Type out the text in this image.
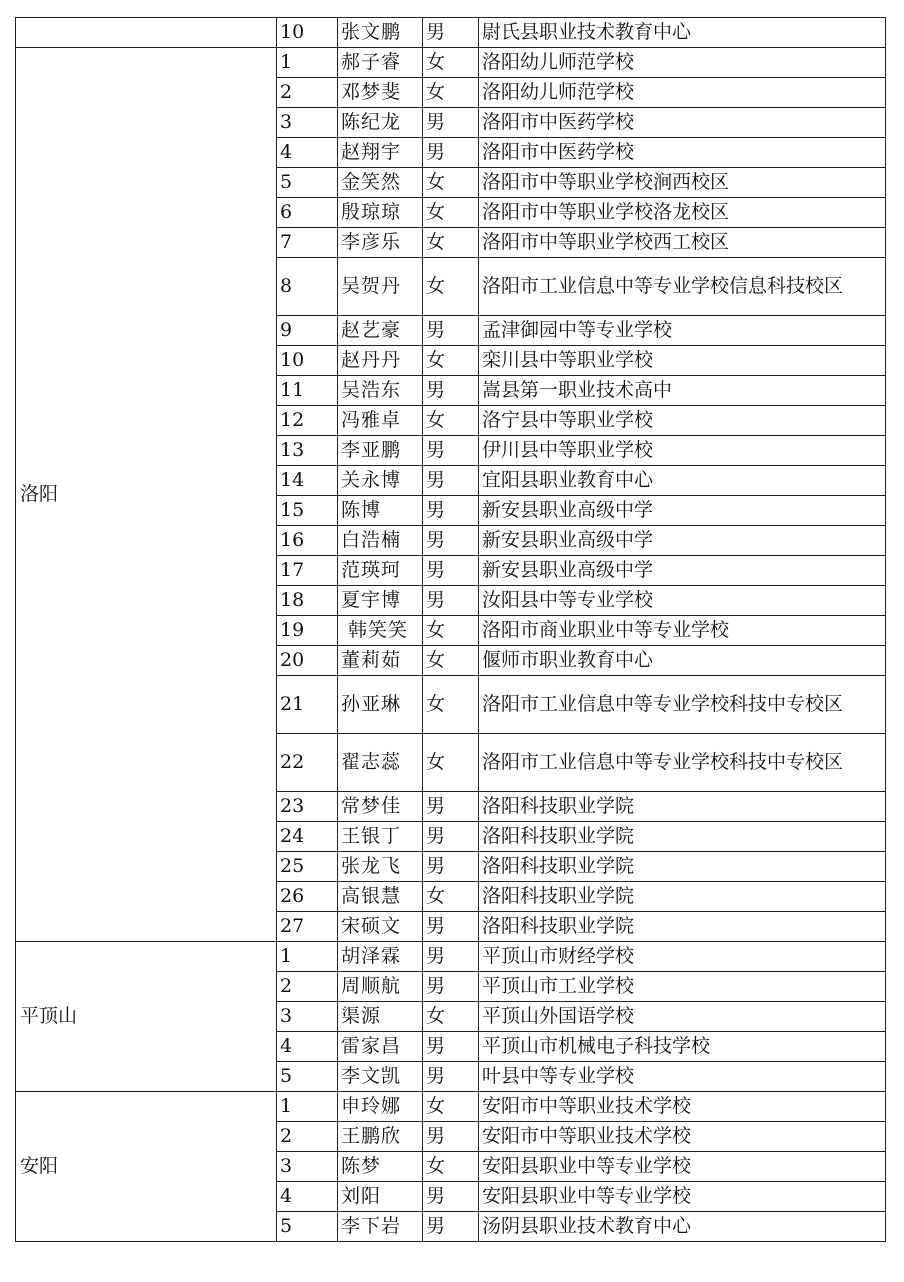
	10	张文鹏	男	尉氏县职业技术教育中心
洛阳	1	郝子睿	女	洛阳幼儿师范学校
	2	邓梦斐	女	洛阳幼儿师范学校
	3	陈纪龙	男	洛阳市中医药学校
	4	赵翔宇	男	洛阳市中医药学校
	5	金笑然	女	洛阳市中等职业学校涧西校区
	6	殷琼琼	女	洛阳市中等职业学校洛龙校区
	7	李彦乐	女	洛阳市中等职业学校西工校区
	8	吴贺丹	女	洛阳市工业信息中等专业学校信息科技校区
	9	赵艺豪	男	孟津御园中等专业学校
	10	赵丹丹	女	栾川县中等职业学校
	11	吴浩东	男	嵩县第一职业技术高中
	12	冯雅卓	女	洛宁县中等职业学校
	13	李亚鹏	男	伊川县中等职业学校
	14	关永博	男	宜阳县职业教育中心
	15	陈博	男	新安县职业高级中学
	16	白浩楠	男	新安县职业高级中学
	17	范瑛珂	男	新安县职业高级中学
	18	夏宇博	男	汝阳县中等专业学校
	19	韩笑笑	女	洛阳市商业职业中等专业学校
	20	董莉茹	女	偃师市职业教育中心
	21	孙亚琳	女	洛阳市工业信息中等专业学校科技中专校区
	22	翟志蕊	女	洛阳市工业信息中等专业学校科技中专校区
	23	常梦佳	男	洛阳科技职业学院
	24	王银丁	男	洛阳科技职业学院
	25	张龙飞	男	洛阳科技职业学院
	26	高银慧	女	洛阳科技职业学院
	27	宋硕文	男	洛阳科技职业学院
平顶山	1	胡泽霖	男	平顶山市财经学校
	2	周顺航	男	平顶山市工业学校
	3	渠源	女	平顶山外国语学校
	4	雷家昌	男	平顶山市机械电子科技学校
	5	李文凯	男	叶县中等专业学校
安阳	1	申玲娜	女	安阳市中等职业技术学校
	2	王鹏欣	男	安阳市中等职业技术学校
	3	陈梦	女	安阳县职业中等专业学校
	4	刘阳	男	安阳县职业中等专业学校
	5	李下岩	男	汤阴县职业技术教育中心
